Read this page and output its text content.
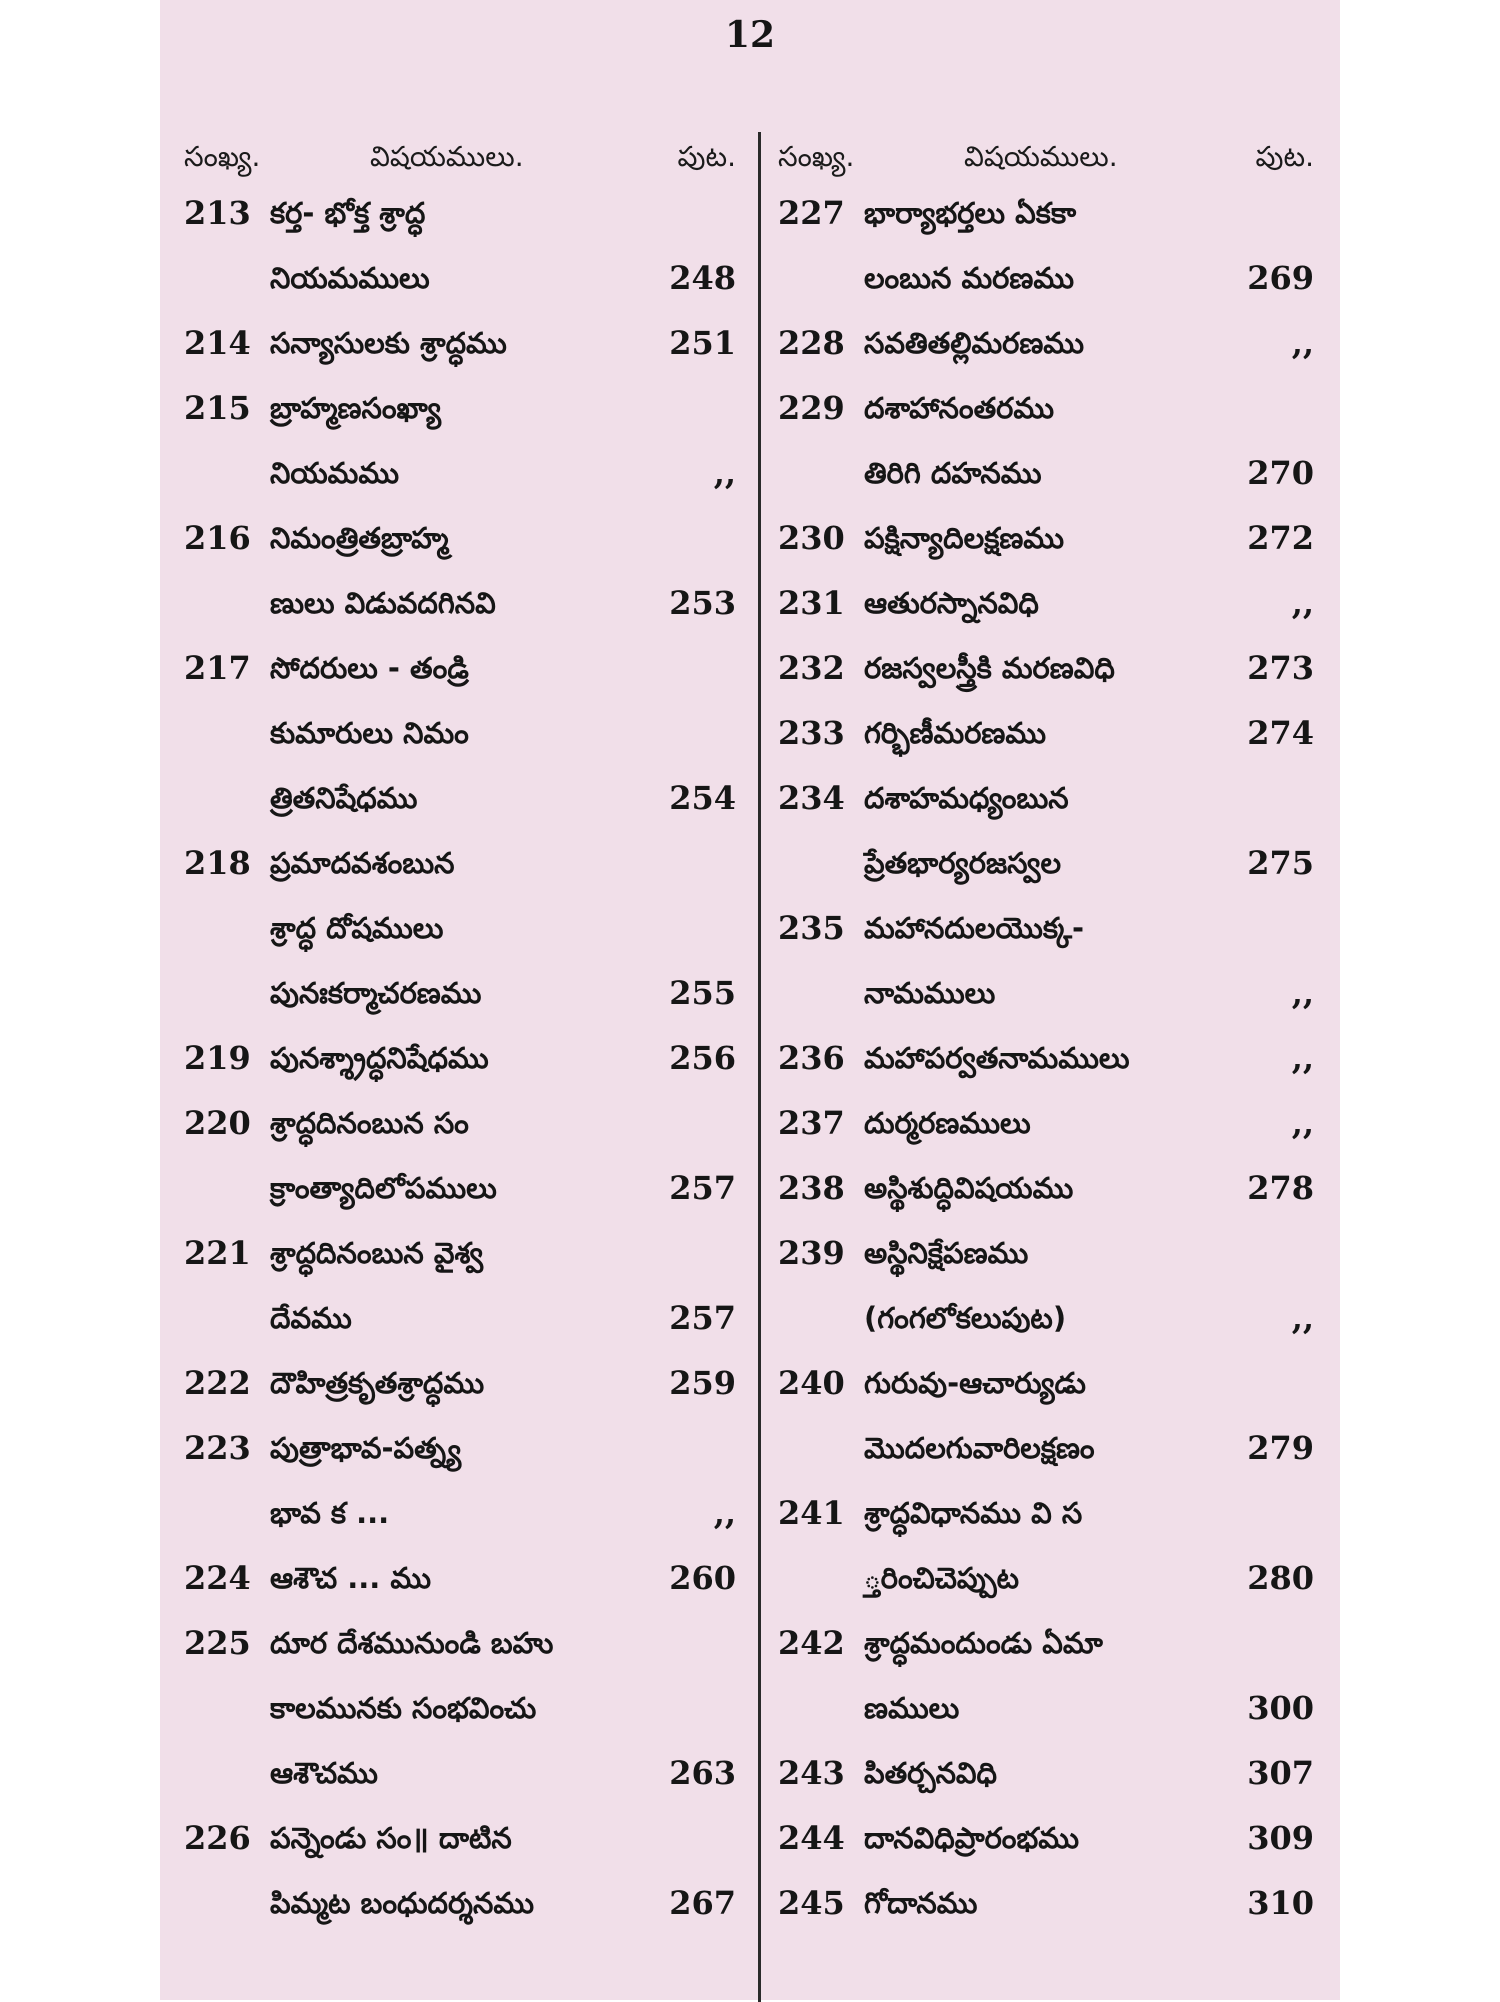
12
సంఖ్య.	విషయములు.	పుట.
213 కర్త- భోక్త శ్రాద్ధ
నియమములు	248
214 సన్యాసులకు శ్రాద్ధము	251
215 బ్రాహ్మణసంఖ్యా
నియమము	,,
216 నిమంత్రితబ్రాహ్మ
ణులు విడువదగినవి	253
217 సోదరులు - తండ్రి
కుమారులు నిమం
త్రితనిషేధము	254
218 ప్రమాదవశంబున
శ్రాద్ధ దోషములు
పునఃకర్మాచరణము	255
219 పునశ్శ్రాద్ధనిషేధము	256
220 శ్రాద్ధదినంబున సం
క్రాంత్యాదిలోపములు	257
221 శ్రాద్ధదినంబున వైశ్వ
దేవము	257
222 దౌహిత్రకృతశ్రాద్ధము	259
223 పుత్రాభావ-పత్న్య
భావ క ...	,,
224 ఆశౌచ ... ము	260
225 దూర దేశమునుండి బహు
కాలమునకు సంభవించు
ఆశౌచము	263
226 పన్నెండు సం॥ దాటిన
పిమ్మట బంధుదర్శనము	267
సంఖ్య.	విషయములు.	పుట.
227 భార్యాభర్తలు ఏకకా
లంబున మరణము	269
228 సవతితల్లిమరణము	,,
229 దశాహానంతరము
తిరిగి దహనము	270
230 పక్షిన్యాదిలక్షణము	272
231 ఆతురస్నానవిధి	,,
232 రజస్వలస్త్రీకి మరణవిధి	273
233 గర్భిణీమరణము	274
234 దశాహమధ్యంబున
ప్రేతభార్యరజస్వల	275
235 మహానదులయొక్క-
నామములు	,,
236 మహాపర్వతనామములు	,,
237 దుర్మరణములు	,,
238 అస్థిశుద్ధివిషయము	278
239 అస్థినిక్షేపణము
(గంగలోకలుపుట)	,,
240 గురువు-ఆచార్యుడు
మొదలగువారిలక్షణం	279
241 శ్రాద్ధవిధానము వి స
్తరించిచెప్పుట	280
242 శ్రాద్ధమందుండు ఏమా
ణములు	300
243 పితర్చనవిధి	307
244 దానవిధిప్రారంభము	309
245 గోదానము	310
